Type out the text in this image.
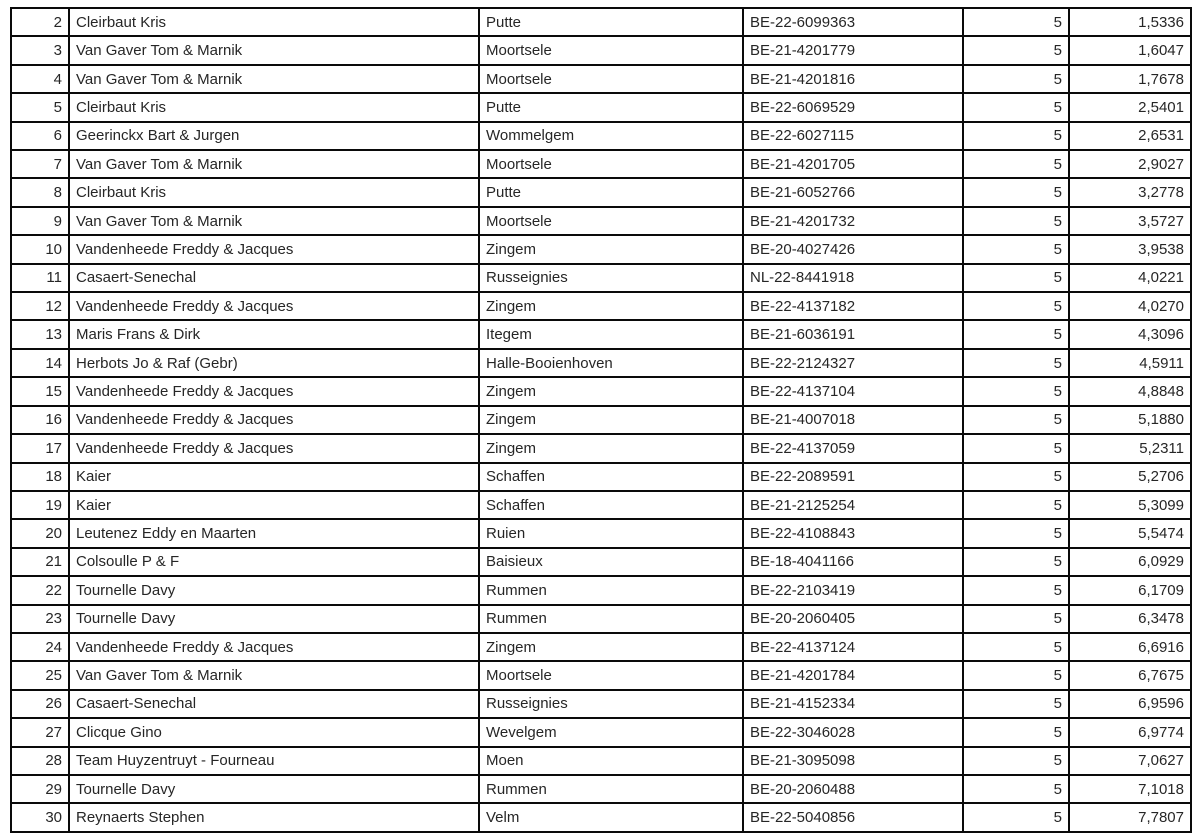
2	Cleirbaut Kris	Putte	BE-22-6099363	5	1,5336
3	Van Gaver Tom & Marnik	Moortsele	BE-21-4201779	5	1,6047
4	Van Gaver Tom & Marnik	Moortsele	BE-21-4201816	5	1,7678
5	Cleirbaut Kris	Putte	BE-22-6069529	5	2,5401
6	Geerinckx Bart & Jurgen	Wommelgem	BE-22-6027115	5	2,6531
7	Van Gaver Tom & Marnik	Moortsele	BE-21-4201705	5	2,9027
8	Cleirbaut Kris	Putte	BE-21-6052766	5	3,2778
9	Van Gaver Tom & Marnik	Moortsele	BE-21-4201732	5	3,5727
10	Vandenheede Freddy & Jacques	Zingem	BE-20-4027426	5	3,9538
11	Casaert-Senechal	Russeignies	NL-22-8441918	5	4,0221
12	Vandenheede Freddy & Jacques	Zingem	BE-22-4137182	5	4,0270
13	Maris Frans & Dirk	Itegem	BE-21-6036191	5	4,3096
14	Herbots Jo & Raf (Gebr)	Halle-Booienhoven	BE-22-2124327	5	4,5911
15	Vandenheede Freddy & Jacques	Zingem	BE-22-4137104	5	4,8848
16	Vandenheede Freddy & Jacques	Zingem	BE-21-4007018	5	5,1880
17	Vandenheede Freddy & Jacques	Zingem	BE-22-4137059	5	5,2311
18	Kaier	Schaffen	BE-22-2089591	5	5,2706
19	Kaier	Schaffen	BE-21-2125254	5	5,3099
20	Leutenez Eddy en Maarten	Ruien	BE-22-4108843	5	5,5474
21	Colsoulle P & F	Baisieux	BE-18-4041166	5	6,0929
22	Tournelle Davy	Rummen	BE-22-2103419	5	6,1709
23	Tournelle Davy	Rummen	BE-20-2060405	5	6,3478
24	Vandenheede Freddy & Jacques	Zingem	BE-22-4137124	5	6,6916
25	Van Gaver Tom & Marnik	Moortsele	BE-21-4201784	5	6,7675
26	Casaert-Senechal	Russeignies	BE-21-4152334	5	6,9596
27	Clicque Gino	Wevelgem	BE-22-3046028	5	6,9774
28	Team Huyzentruyt - Fourneau	Moen	BE-21-3095098	5	7,0627
29	Tournelle Davy	Rummen	BE-20-2060488	5	7,1018
30	Reynaerts Stephen	Velm	BE-22-5040856	5	7,7807
